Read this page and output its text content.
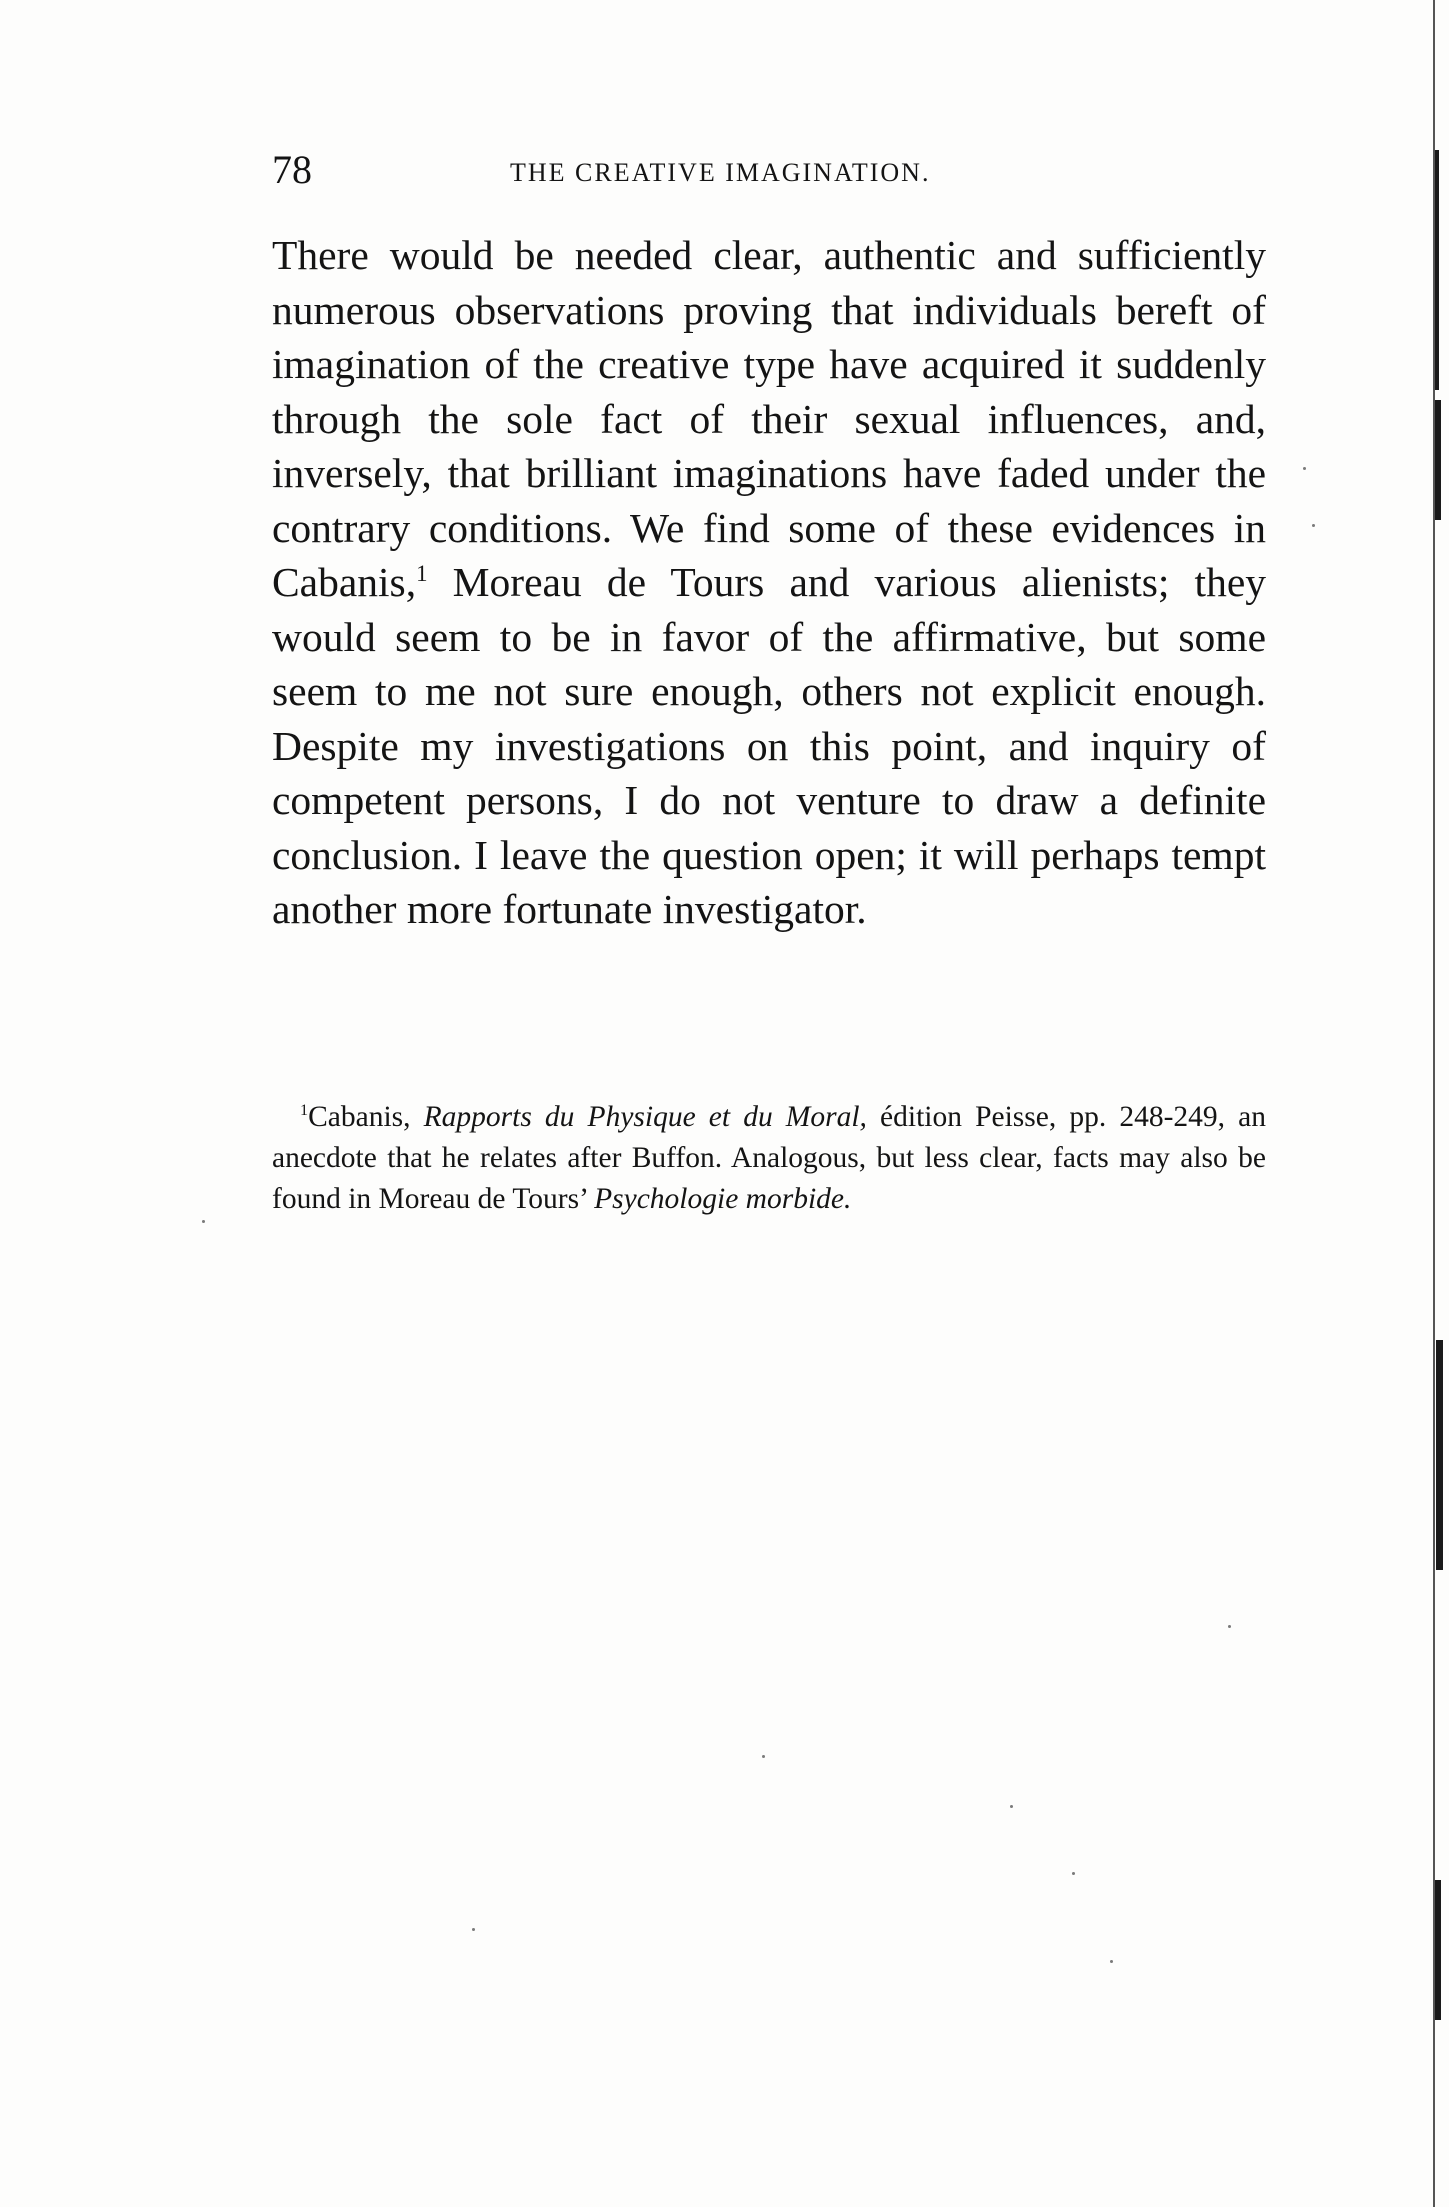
78	THE CREATIVE IMAGINATION.

There would be needed clear, authentic and sufficiently numerous observations proving that individuals bereft of imagination of the creative type have acquired it suddenly through the sole fact of their sexual influences, and, inversely, that brilliant imaginations have faded under the contrary conditions. We find some of these evidences in Cabanis,$^1$ Moreau de Tours and various alienists; they would seem to be in favor of the affirmative, but some seem to me not sure enough, others not explicit enough. Despite my investigations on this point, and inquiry of competent persons, I do not venture to draw a definite conclusion. I leave the question open; it will perhaps tempt another more fortunate investigator.

$^1$Cabanis, Rapports du Physique et du Moral, édition Peisse, pp. 248-249, an anecdote that he relates after Buffon. Analogous, but less clear, facts may also be found in Moreau de Tours’ Psychologie morbide.
